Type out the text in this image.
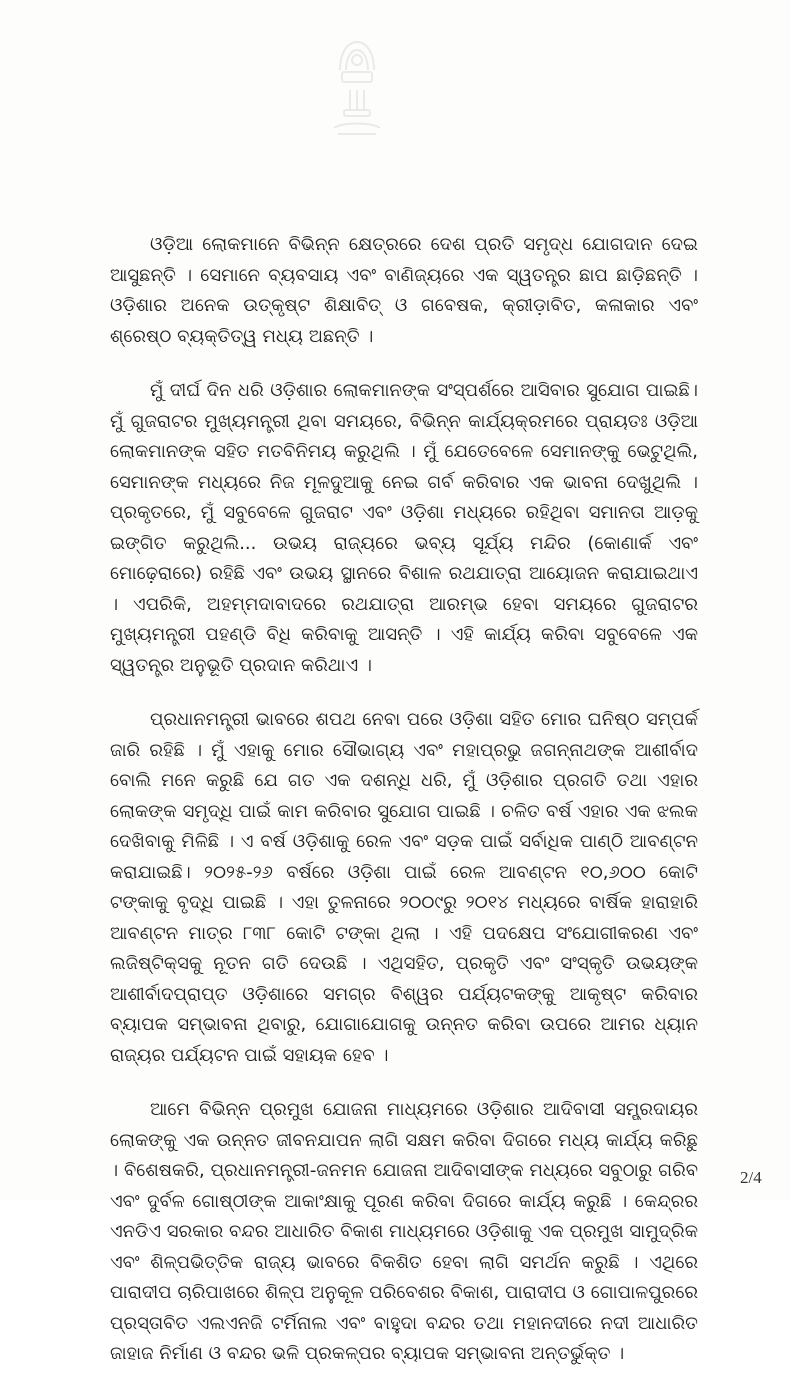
ଓଡ଼ିଆ ଲୋକମାନେ ବିଭିନ୍ନ କ୍ଷେତ୍ରରେ ଦେଶ ପ୍ରତି ସମୃଦ୍ଧ ଯୋଗଦାନ ଦେଇ ଆସୁଛନ୍ତି । ସେମାନେ ବ୍ୟବସାୟ ଏବଂ ବାଣିଜ୍ୟରେ ଏକ ସ୍ୱତନ୍ତ୍ର ଛାପ ଛାଡ଼ିଛନ୍ତି । ଓଡ଼ିଶାର ଅନେକ ଉତ୍କୃଷ୍ଟ ଶିକ୍ଷାବିତ୍ ଓ ଗବେଷକ, କ୍ରୀଡ଼ାବିତ, କଳାକାର ଏବଂ ଶ୍ରେଷ୍ଠ ବ୍ୟକ୍ତିତ୍ୱ ମଧ୍ୟ ଅଛନ୍ତି ।

ମୁଁ ଦୀର୍ଘ ଦିନ ଧରି ଓଡ଼ିଶାର ଲୋକମାନଙ୍କ ସଂସ୍ପର୍ଶରେ ଆସିବାର ସୁଯୋଗ ପାଇଛି। ମୁଁ ଗୁଜରାଟର ମୁଖ୍ୟମନ୍ତ୍ରୀ ଥିବା ସମୟରେ, ବିଭିନ୍ନ କାର୍ଯ୍ୟକ୍ରମରେ ପ୍ରାୟତଃ ଓଡ଼ିଆ ଲୋକମାନଙ୍କ ସହିତ ମତବିନିମୟ କରୁଥିଲି । ମୁଁ ଯେତେବେଳେ ସେମାନଙ୍କୁ ଭେଟୁଥିଲି, ସେମାନଙ୍କ ମଧ୍ୟରେ ନିଜ ମୂଳଦୁଆକୁ ନେଇ ଗର୍ବ କରିବାର ଏକ ଭାବନା ଦେଖୁଥିଲି । ପ୍ରକୃତରେ, ମୁଁ ସବୁବେଳେ ଗୁଜରାଟ ଏବଂ ଓଡ଼ିଶା ମଧ୍ୟରେ ରହିଥିବା ସମାନତା ଆଡ଼କୁ ଇଙ୍ଗିତ କରୁଥିଲି... ଉଭୟ ରାଜ୍ୟରେ ଭବ୍ୟ ସୂର୍ଯ୍ୟ ମନ୍ଦିର (କୋଣାର୍କ ଏବଂ ମୋଢ଼େରାରେ) ରହିଛି ଏବଂ ଉଭୟ ସ୍ଥାନରେ ବିଶାଳ ରଥଯାତ୍ରା ଆୟୋଜନ କରାଯାଇଥାଏ । ଏପରିକି, ଅହମ୍ମଦାବାଦରେ ରଥଯାତ୍ରା ଆରମ୍ଭ ହେବା ସମୟରେ ଗୁଜରାଟର ମୁଖ୍ୟମନ୍ତ୍ରୀ ପହଣ୍ଡି ବିଧି କରିବାକୁ ଆସନ୍ତି । ଏହି କାର୍ଯ୍ୟ କରିବା ସବୁବେଳେ ଏକ ସ୍ୱତନ୍ତ୍ର ଅନୁଭୂତି ପ୍ରଦାନ କରିଥାଏ ।

ପ୍ରଧାନମନ୍ତ୍ରୀ ଭାବରେ ଶପଥ ନେବା ପରେ ଓଡ଼ିଶା ସହିତ ମୋର ଘନିଷ୍ଠ ସମ୍ପର୍କ ଜାରି ରହିଛି । ମୁଁ ଏହାକୁ ମୋର ସୌଭାଗ୍ୟ ଏବଂ ମହାପ୍ରଭୁ ଜଗନ୍ନାଥଙ୍କ ଆଶୀର୍ବାଦ ବୋଲି ମନେ କରୁଛି ଯେ ଗତ ଏକ ଦଶନ୍ଧି ଧରି, ମୁଁ ଓଡ଼ିଶାର ପ୍ରଗତି ତଥା ଏହାର ଲୋକଙ୍କ ସମୃଦ୍ଧି ପାଇଁ କାମ କରିବାର ସୁଯୋଗ ପାଇଛି । ଚଳିତ ବର୍ଷ ଏହାର ଏକ ଝଲକ ଦେଖିବାକୁ ମିଳିଛି । ଏ ବର୍ଷ ଓଡ଼ିଶାକୁ ରେଳ ଏବଂ ସଡ଼କ ପାଇଁ ସର୍ବାଧିକ ପାଣ୍ଠି ଆବଣ୍ଟନ କରାଯାଇଛି। ୨୦୨୫-୨୬ ବର୍ଷରେ ଓଡ଼ିଶା ପାଇଁ ରେଳ ଆବଣ୍ଟନ ୧୦,୬୦୦ କୋଟି ଟଙ୍କାକୁ ବୃଦ୍ଧି ପାଇଛି । ଏହା ତୁଳନାରେ ୨୦୦୯ରୁ ୨୦୧୪ ମଧ୍ୟରେ ବାର୍ଷିକ ହାରାହାରି ଆବଣ୍ଟନ ମାତ୍ର ୮୩୮ କୋଟି ଟଙ୍କା ଥିଲା । ଏହି ପଦକ୍ଷେପ ସଂଯୋଗୀକରଣ ଏବଂ ଲଜିଷ୍ଟିକ୍ସକୁ ନୂତନ ଗତି ଦେଉଛି । ଏଥିସହିତ, ପ୍ରକୃତି ଏବଂ ସଂସ୍କୃତି ଉଭୟଙ୍କ ଆଶୀର୍ବାଦପ୍ରାପ୍ତ ଓଡ଼ିଶାରେ ସମଗ୍ର ବିଶ୍ୱର ପର୍ଯ୍ୟଟକଙ୍କୁ ଆକୃଷ୍ଟ କରିବାର ବ୍ୟାପକ ସମ୍ଭାବନା ଥିବାରୁ, ଯୋଗାଯୋଗକୁ ଉନ୍ନତ କରିବା ଉପରେ ଆମର ଧ୍ୟାନ ରାଜ୍ୟର ପର୍ଯ୍ୟଟନ ପାଇଁ ସହାୟକ ହେବ ।

ଆମେ ବିଭିନ୍ନ ପ୍ରମୁଖ ଯୋଜନା ମାଧ୍ୟମରେ ଓଡ଼ିଶାର ଆଦିବାସୀ ସମ୍ପ୍ରଦାୟର ଲୋକଙ୍କୁ ଏକ ଉନ୍ନତ ଜୀବନଯାପନ ଲାଗି ସକ୍ଷମ କରିବା ଦିଗରେ ମଧ୍ୟ କାର୍ଯ୍ୟ କରିଛୁ । ବିଶେଷକରି, ପ୍ରଧାନମନ୍ତ୍ରୀ-ଜନମନ ଯୋଜନା ଆଦିବାସୀଙ୍କ ମଧ୍ୟରେ ସବୁଠାରୁ ଗରିବ ଏବଂ ଦୁର୍ବଳ ଗୋଷ୍ଠୀଙ୍କ ଆକାଂକ୍ଷାକୁ ପୂରଣ କରିବା ଦିଗରେ କାର୍ଯ୍ୟ କରୁଛି । କେନ୍ଦ୍ରର ଏନଡିଏ ସରକାର ବନ୍ଦର ଆଧାରିତ ବିକାଶ ମାଧ୍ୟମରେ ଓଡ଼ିଶାକୁ ଏକ ପ୍ରମୁଖ ସାମୁଦ୍ରିକ ଏବଂ ଶିଳ୍ପଭିତ୍ତିକ ରାଜ୍ୟ ଭାବରେ ବିକଶିତ ହେବା ଲାଗି ସମର୍ଥନ କରୁଛି । ଏଥିରେ ପାରାଦୀପ ଚାରିପାଖରେ ଶିଳ୍ପ ଅନୁକୂଳ ପରିବେଶର ବିକାଶ, ପାରାଦୀପ ଓ ଗୋପାଳପୁରରେ ପ୍ରସ୍ତାବିତ ଏଲଏନଜି ଟର୍ମିନାଲ ଏବଂ ବାହୁଦା ବନ୍ଦର ତଥା ମହାନଦୀରେ ନଦୀ ଆଧାରିତ ଜାହାଜ ନିର୍ମାଣ ଓ ବନ୍ଦର ଭଳି ପ୍ରକଳ୍ପର ବ୍ୟାପକ ସମ୍ଭାବନା ଅନ୍ତର୍ଭୁକ୍ତ ।

2/4
